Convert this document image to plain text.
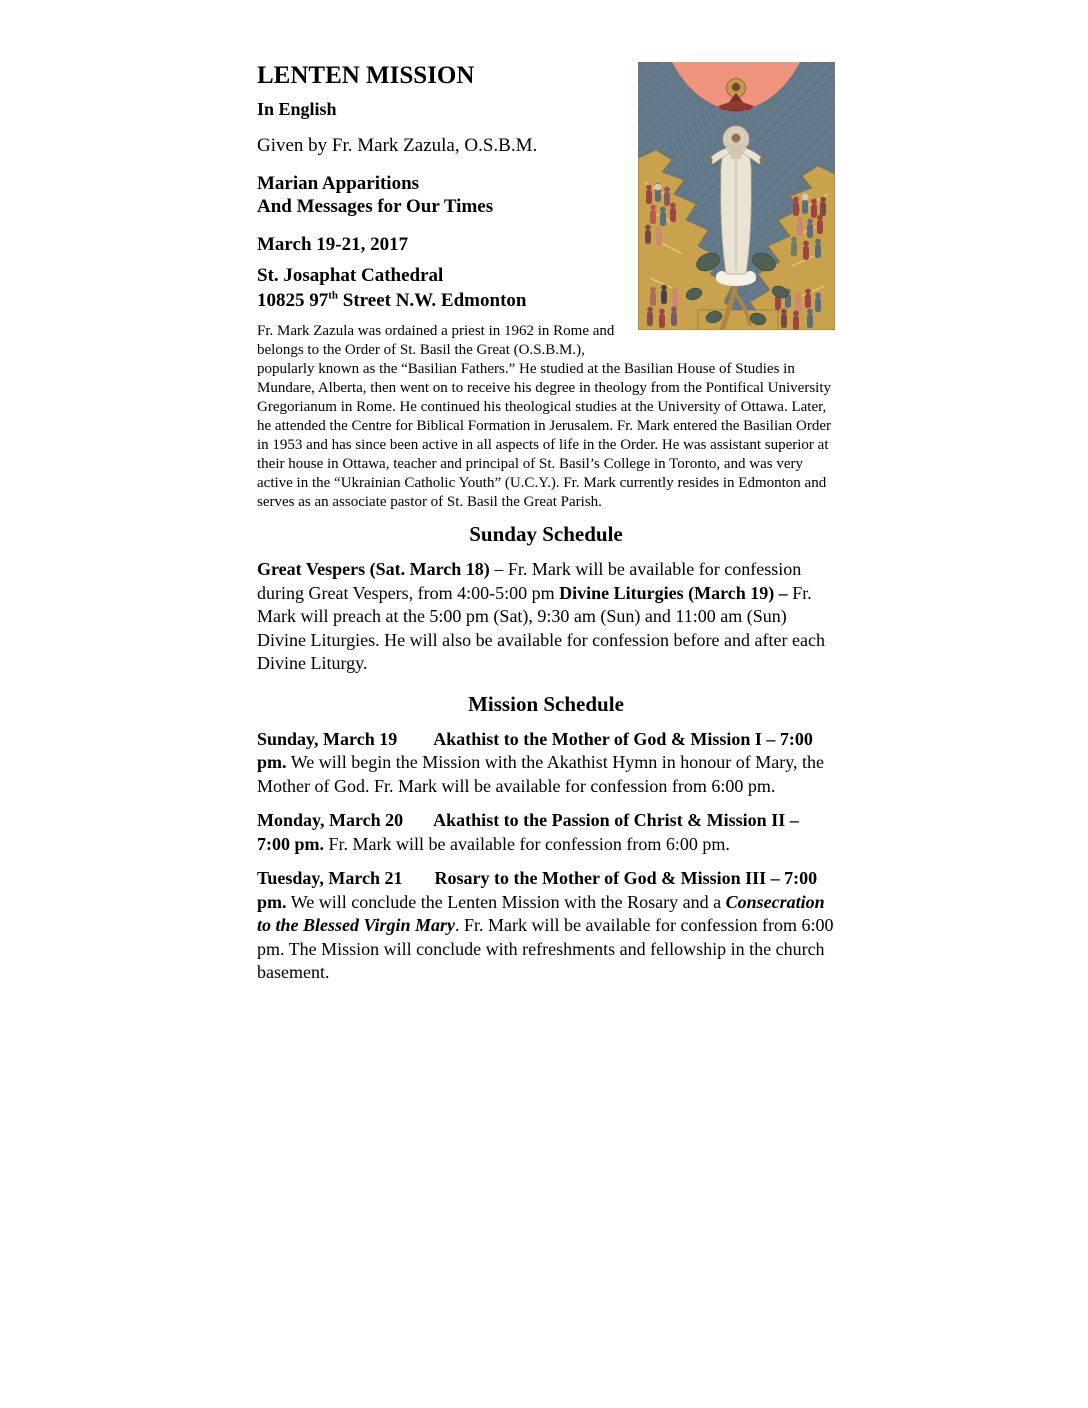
LENTEN MISSION

In English

Given by Fr. Mark Zazula, O.S.B.M.

Marian Apparitions
And Messages for Our Times

March 19-21, 2017

St. Josaphat Cathedral
10825 97th Street N.W. Edmonton

Fr. Mark Zazula was ordained a priest in 1962 in Rome and belongs to the Order of St. Basil the Great (O.S.B.M.), popularly known as the “Basilian Fathers.” He studied at the Basilian House of Studies in Mundare, Alberta, then went on to receive his degree in theology from the Pontifical University Gregorianum in Rome. He continued his theological studies at the University of Ottawa. Later, he attended the Centre for Biblical Formation in Jerusalem. Fr. Mark entered the Basilian Order in 1953 and has since been active in all aspects of life in the Order. He was assistant superior at their house in Ottawa, teacher and principal of St. Basil’s College in Toronto, and was very active in the “Ukrainian Catholic Youth” (U.C.Y.). Fr. Mark currently resides in Edmonton and serves as an associate pastor of St. Basil the Great Parish.

Sunday Schedule

Great Vespers (Sat. March 18) – Fr. Mark will be available for confession during Great Vespers, from 4:00-5:00 pm Divine Liturgies (March 19) – Fr. Mark will preach at the 5:00 pm (Sat), 9:30 am (Sun) and 11:00 am (Sun) Divine Liturgies. He will also be available for confession before and after each Divine Liturgy.

Mission Schedule

Sunday, March 19 Akathist to the Mother of God & Mission I – 7:00 pm. We will begin the Mission with the Akathist Hymn in honour of Mary, the Mother of God. Fr. Mark will be available for confession from 6:00 pm.

Monday, March 20 Akathist to the Passion of Christ & Mission II – 7:00 pm. Fr. Mark will be available for confession from 6:00 pm.

Tuesday, March 21 Rosary to the Mother of God & Mission III – 7:00 pm. We will conclude the Lenten Mission with the Rosary and a Consecration to the Blessed Virgin Mary. Fr. Mark will be available for confession from 6:00 pm. The Mission will conclude with refreshments and fellowship in the church basement.
